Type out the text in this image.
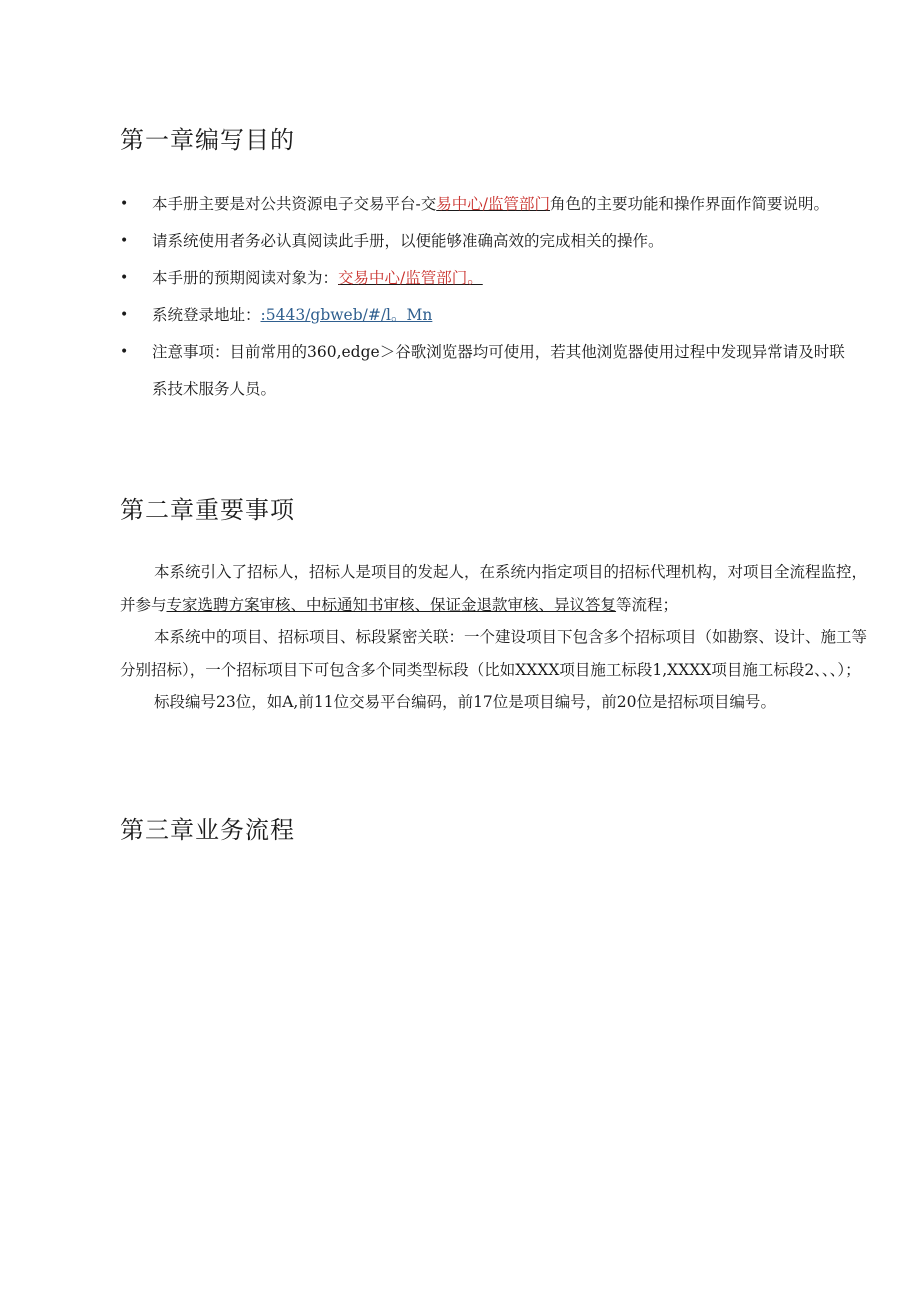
第一章编写目的
• 本手册主要是对公共资源电子交易平台-交易中心/监管部门角色的主要功能和操作界面作简要说明。
• 请系统使用者务必认真阅读此手册，以便能够准确高效的完成相关的操作。
• 本手册的预期阅读对象为：交易中心/监管部门。
• 系统登录地址：:5443/gbweb/#/l。Mn
• 注意事项：目前常用的360,edge＞谷歌浏览器均可使用，若其他浏览器使用过程中发现异常请及时联系技术服务人员。
第二章重要事项

本系统引入了招标人，招标人是项目的发起人，在系统内指定项目的招标代理机构，对项目全流程监控，并参与专家选聘方案审核、中标通知书审核、保证金退款审核、异议答复等流程；

本系统中的项目、招标项目、标段紧密关联：一个建设项目下包含多个招标项目（如勘察、设计、施工等分别招标），一个招标项目下可包含多个同类型标段（比如XXXX项目施工标段1,XXXX项目施工标段2、、、）；

标段编号23位，如A,前11位交易平台编码，前17位是项目编号，前20位是招标项目编号。

第三章业务流程
